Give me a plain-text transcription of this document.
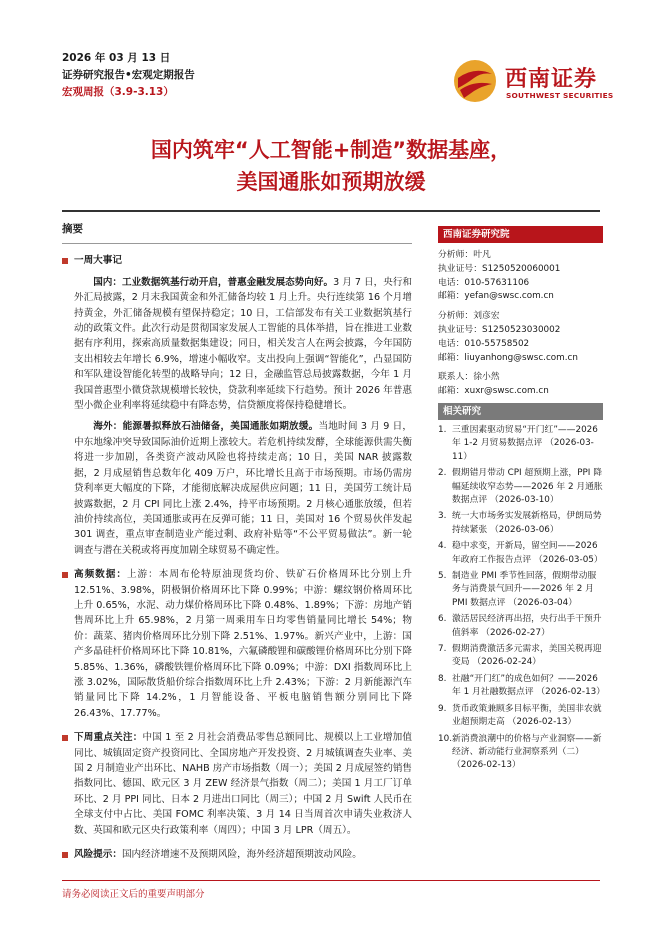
2026 年 03 月 13 日
证券研究报告•宏观定期报告
宏观周报（3.9-3.13）	西南证券
SOUTHWEST SECURITIES
国内筑牢“人工智能+制造”数据基座，
美国通胀如预期放缓
摘要
一周大事记
国内：工业数据筑基行动开启，普惠金融发展态势向好。3 月 7 日，央行和外汇局披露，2 月末我国黄金和外汇储备均较 1 月上升。央行连续第 16 个月增持黄金，外汇储备规模有望保持稳定；10 日，工信部发布有关工业数据筑基行动的政策文件。此次行动是贯彻国家发展人工智能的具体举措，旨在推进工业数据有序利用，探索高质量数据集建设；同日，相关发言人在两会披露，今年国防支出相较去年增长 6.9%，增速小幅收窄。支出投向上强调“智能化”，凸显国防和军队建设智能化转型的战略导向；12 日，金融监管总局披露数据，今年 1 月我国普惠型小微贷款规模增长较快，贷款利率延续下行趋势。预计 2026 年普惠型小微企业利率将延续稳中有降态势，信贷额度将保持稳健增长。
海外：能源暑拟释放石油储备，美国通胀如期放缓。当地时间 3 月 9 日，中东地缘冲突导致国际油价近期上涨较大。若危机持续发酵，全球能源供需失衡将进一步加剧，各类资产波动风险也将持续走高；10 日，美国 NAR 披露数据，2 月成屋销售总数年化 409 万户，环比增长且高于市场预期。市场仍需房贷利率更大幅度的下降，才能彻底解决成屋供应问题；11 日，美国劳工统计局披露数据，2 月 CPI 同比上涨 2.4%，持平市场预期。2 月核心通胀放缓，但若油价持续高位，美国通胀或再在反弹可能；11 日，美国对 16 个贸易伙伴发起 301 调查，重点审查制造业产能过剩、政府补贴等“不公平贸易做法”。新一轮调查与潜在关税或将再度加剧全球贸易不确定性。
高频数据：上游：本周布伦特原油现货均价、铁矿石价格周环比分别上升 12.51%、3.98%，阴极铜价格周环比下降 0.99%；中游：螺纹钢价格周环比上升 0.65%，水泥、动力煤价格周环比下降 0.48%、1.89%；下游：房地产销售周环比上升 65.98%，2 月第一周乘用车日均零售销量同比增长 54%；物价：蔬菜、猪肉价格周环比分别下降 2.51%、1.97%。新兴产业中，上游：国产多晶硅杆价格周环比下降 10.81%，六氟磷酸锂和碳酸锂价格周环比分别下降 5.85%、1.36%，磷酸铁锂价格周环比下降 0.09%；中游：DXI 指数周环比上涨 3.02%，国际散货船价综合指数周环比上升 2.43%；下游：2 月新能源汽车销量同比下降 14.2%，1 月智能设备、平板电脑销售额分别同比下降 26.43%、17.77%。
下周重点关注：中国 1 至 2 月社会消费品零售总额同比、规模以上工业增加值同比、城镇固定资产投资同比、全国房地产开发投资、2 月城镇调查失业率、美国 2 月制造业产出环比、NAHB 房产市场指数（周一）；美国 2 月成屋签约销售指数同比、德国、欧元区 3 月 ZEW 经济景气指数（周二）；美国 1 月工厂订单环比、2 月 PPI 同比、日本 2 月进出口同比（周三）；中国 2 月 Swift 人民币在全球支付中占比、美国 FOMC 利率决策、3 月 14 日当周首次申请失业救济人数、英国和欧元区央行政策利率（周四）；中国 3 月 LPR（周五）。
风险提示：国内经济增速不及预期风险，海外经济超预期波动风险。
西南证券研究院
分析师：叶凡
执业证号：S1250520060001
电话：010-57631106
邮箱：yefan@swsc.com.cn
分析师：刘彦宏
执业证号：S1250523030002
电话：010-55758502
邮箱：liuyanhong@swsc.com.cn
联系人：徐小然
邮箱：xuxr@swsc.com.cn
相关研究
1. 三重因素驱动贸易“开门红”——2026 年 1-2 月贸易数据点评 （2026-03-11）
2. 假期错月带动 CPI 超预期上涨，PPI 降幅延续收窄态势——2026 年 2 月通胀数据点评 （2026-03-10）
3. 统一大市场务实发展新格局，伊朗局势持续紧张 （2026-03-06）
4. 稳中求变，开新局，留空间——2026 年政府工作报告点评 （2026-03-05）
5. 制造业 PMI 季节性回落，假期带动服务与消费景气回升——2026 年 2 月 PMI 数据点评 （2026-03-04）
6. 激活居民经济再出招，央行出手干预升值斜率 （2026-02-27）
7. 假期消费激活多元需求，美国关税再迎变局 （2026-02-24）
8. 社融“开门红”的成色如何？——2026 年 1 月社融数据点评 （2026-02-13）
9. 货币政策兼顾多目标平衡，美国非农就业超预期走高 （2026-02-13）
10. 新消费浪潮中的价格与产业洞察——新经济、新动能行业洞察系列（二） （2026-02-13）
请务必阅读正文后的重要声明部分
